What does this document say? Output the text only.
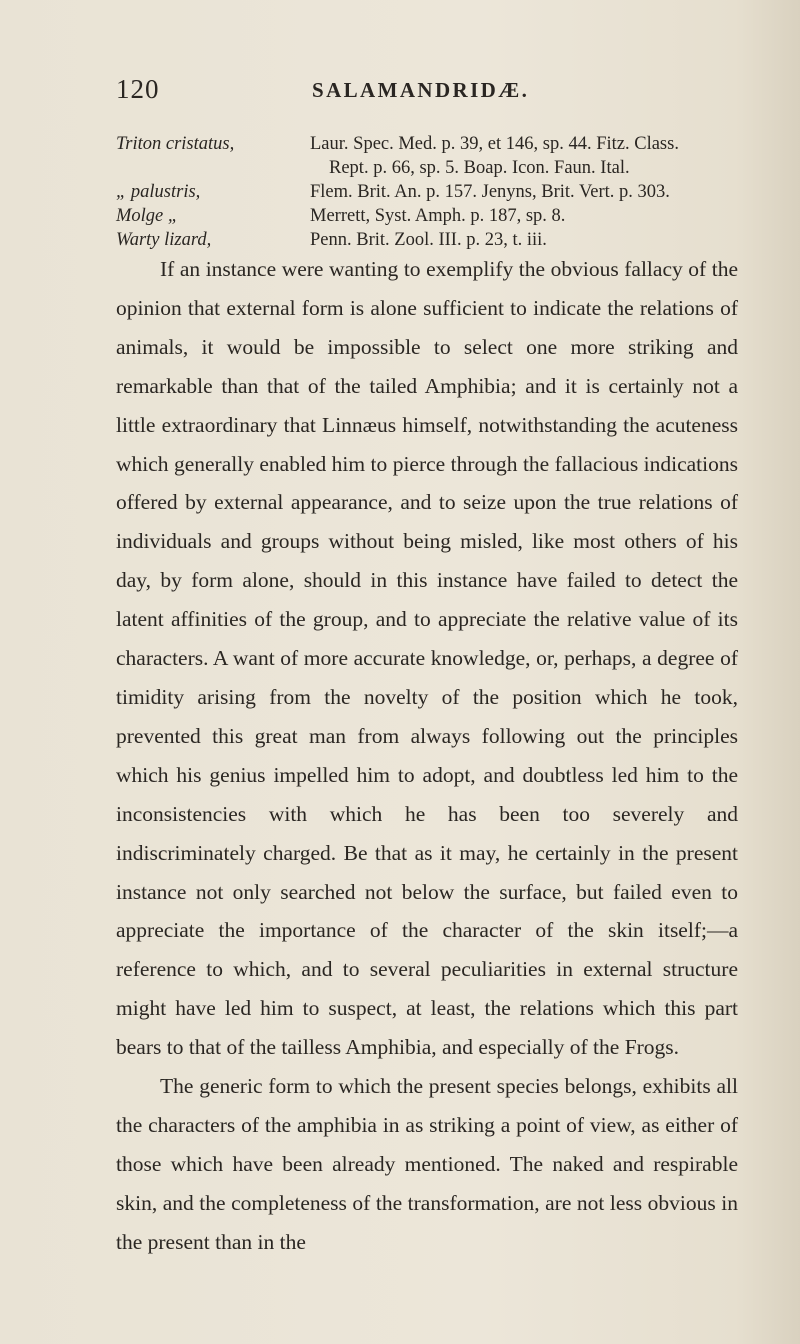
120	SALAMANDRIDÆ.
Triton cristatus,	Laur. Spec. Med. p. 39, et 146, sp. 44. Fitz. Class.
Rept. p. 66, sp. 5. Boap. Icon. Faun. Ital.
„ palustris,	Flem. Brit. An. p. 157. Jenyns, Brit. Vert. p. 303.
Molge „	Merrett, Syst. Amph. p. 187, sp. 8.
Warty lizard,	Penn. Brit. Zool. III. p. 23, t. iii.

If an instance were wanting to exemplify the obvious fallacy of the opinion that external form is alone sufficient to indicate the relations of animals, it would be impossible to select one more striking and remarkable than that of the tailed Amphibia; and it is certainly not a little extraordinary that Linnæus himself, notwithstanding the acuteness which generally enabled him to pierce through the fallacious indications offered by external appearance, and to seize upon the true relations of individuals and groups without being misled, like most others of his day, by form alone, should in this instance have failed to detect the latent affinities of the group, and to appreciate the relative value of its characters. A want of more accurate knowledge, or, perhaps, a degree of timidity arising from the novelty of the position which he took, prevented this great man from always following out the principles which his genius impelled him to adopt, and doubtless led him to the inconsistencies with which he has been too severely and indiscriminately charged. Be that as it may, he certainly in the present instance not only searched not below the surface, but failed even to appreciate the importance of the character of the skin itself;—a reference to which, and to several peculiarities in external structure might have led him to suspect, at least, the relations which this part bears to that of the tailless Amphibia, and especially of the Frogs.

The generic form to which the present species belongs, exhibits all the characters of the amphibia in as striking a point of view, as either of those which have been already mentioned. The naked and respirable skin, and the completeness of the transformation, are not less obvious in the present than in the
